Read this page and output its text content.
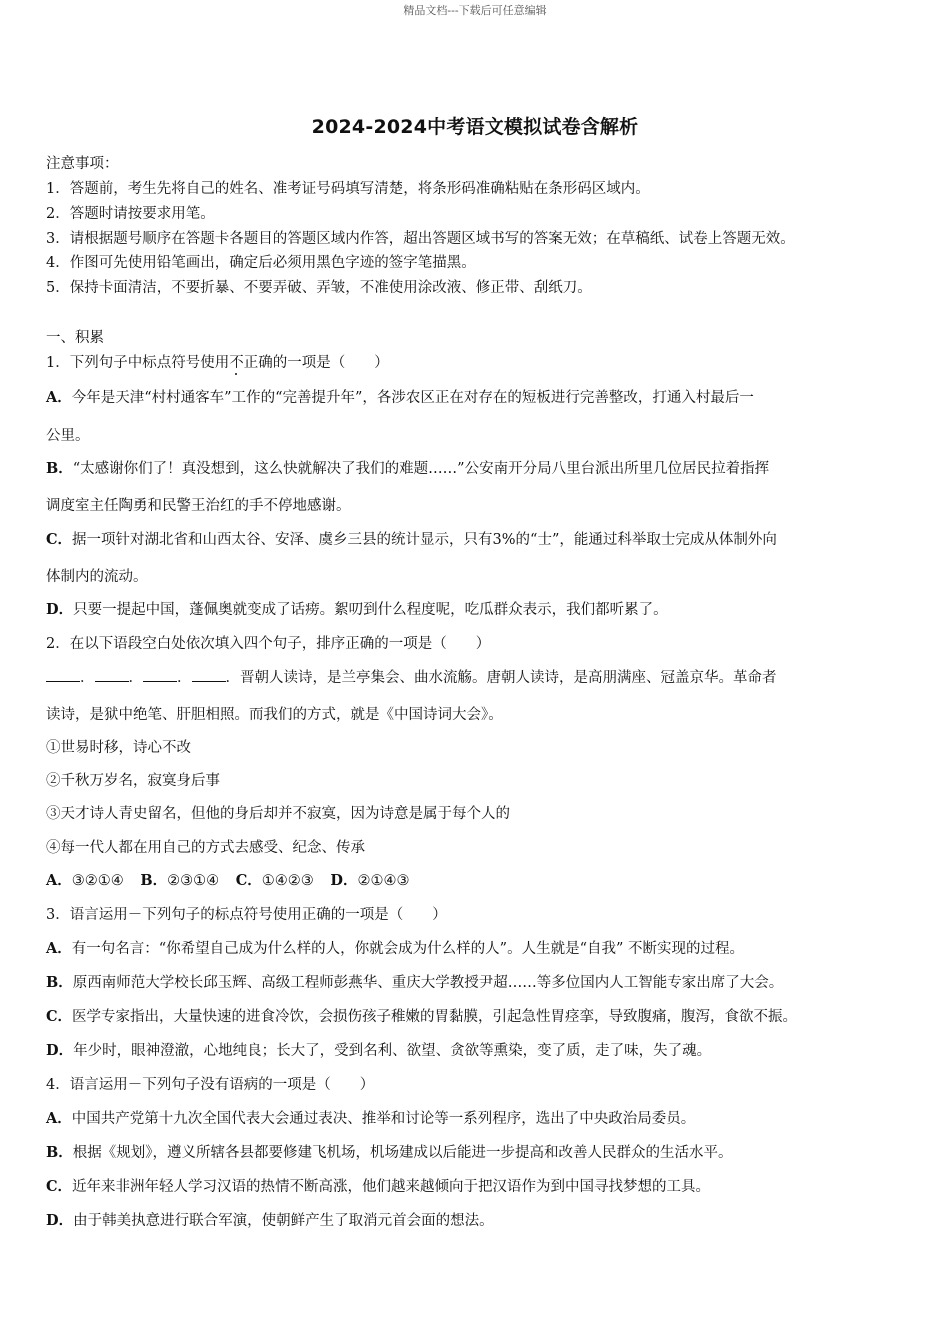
精品文档---下载后可任意编辑
2024-2024中考语文模拟试卷含解析
注意事项：
1．答题前，考生先将自己的姓名、准考证号码填写清楚，将条形码准确粘贴在条形码区域内。
2．答题时请按要求用笔。
3．请根据题号顺序在答题卡各题目的答题区域内作答，超出答题区域书写的答案无效；在草稿纸、试卷上答题无效。
4．作图可先使用铅笔画出，确定后必须用黑色字迹的签字笔描黑。
5．保持卡面清洁，不要折暴、不要弄破、弄皱，不准使用涂改液、修正带、刮纸刀。
一、积累
1．下列句子中标点符号使用不正确的一项是（　　）
A．今年是天津“村村通客车”工作的“完善提升年”，各涉农区正在对存在的短板进行完善整改，打通入村最后一
公里。
B．“太感谢你们了！真没想到，这么快就解决了我们的难题……”公安南开分局八里台派出所里几位居民拉着指挥
调度室主任陶勇和民警王治红的手不停地感谢。
C．据一项针对湖北省和山西太谷、安泽、虞乡三县的统计显示，只有3%的“士”，能通过科举取士完成从体制外向
体制内的流动。
D．只要一提起中国，蓬佩奥就变成了话痨。絮叨到什么程度呢，吃瓜群众表示，我们都听累了。
2．在以下语段空白处依次填入四个句子，排序正确的一项是（　　）
． ． ． ．晋朝人读诗，是兰亭集会、曲水流觞。唐朝人读诗，是高朋满座、冠盖京华。革命者
读诗，是狱中绝笔、肝胆相照。而我们的方式，就是《中国诗词大会》。
①世易时移，诗心不改
②千秋万岁名，寂寞身后事
③天才诗人青史留名，但他的身后却并不寂寞，因为诗意是属于每个人的
④每一代人都在用自己的方式去感受、纪念、传承
A．③②①④ B．②③①④ C．①④②③ D．②①④③
3．语言运用－下列句子的标点符号使用正确的一项是（　　）
A．有一句名言：“你希望自己成为什么样的人，你就会成为什么样的人”。人生就是“自我” 不断实现的过程。
B．原西南师范大学校长邱玉辉、高级工程师彭燕华、重庆大学教授尹超……等多位国内人工智能专家出席了大会。
C．医学专家指出，大量快速的进食冷饮，会损伤孩子稚嫩的胃黏膜，引起急性胃痉挛，导致腹痛，腹泻，食欲不振。
D．年少时，眼神澄澈，心地纯良；长大了，受到名利、欲望、贪欲等熏染，变了质，走了味，失了魂。
4．语言运用－下列句子没有语病的一项是（　　）
A．中国共产党第十九次全国代表大会通过表决、推举和讨论等一系列程序，选出了中央政治局委员。
B．根据《规划》，遵义所辖各县都要修建飞机场，机场建成以后能进一步提高和改善人民群众的生活水平。
C．近年来非洲年轻人学习汉语的热情不断高涨，他们越来越倾向于把汉语作为到中国寻找梦想的工具。
D．由于韩美执意进行联合军演，使朝鲜产生了取消元首会面的想法。
